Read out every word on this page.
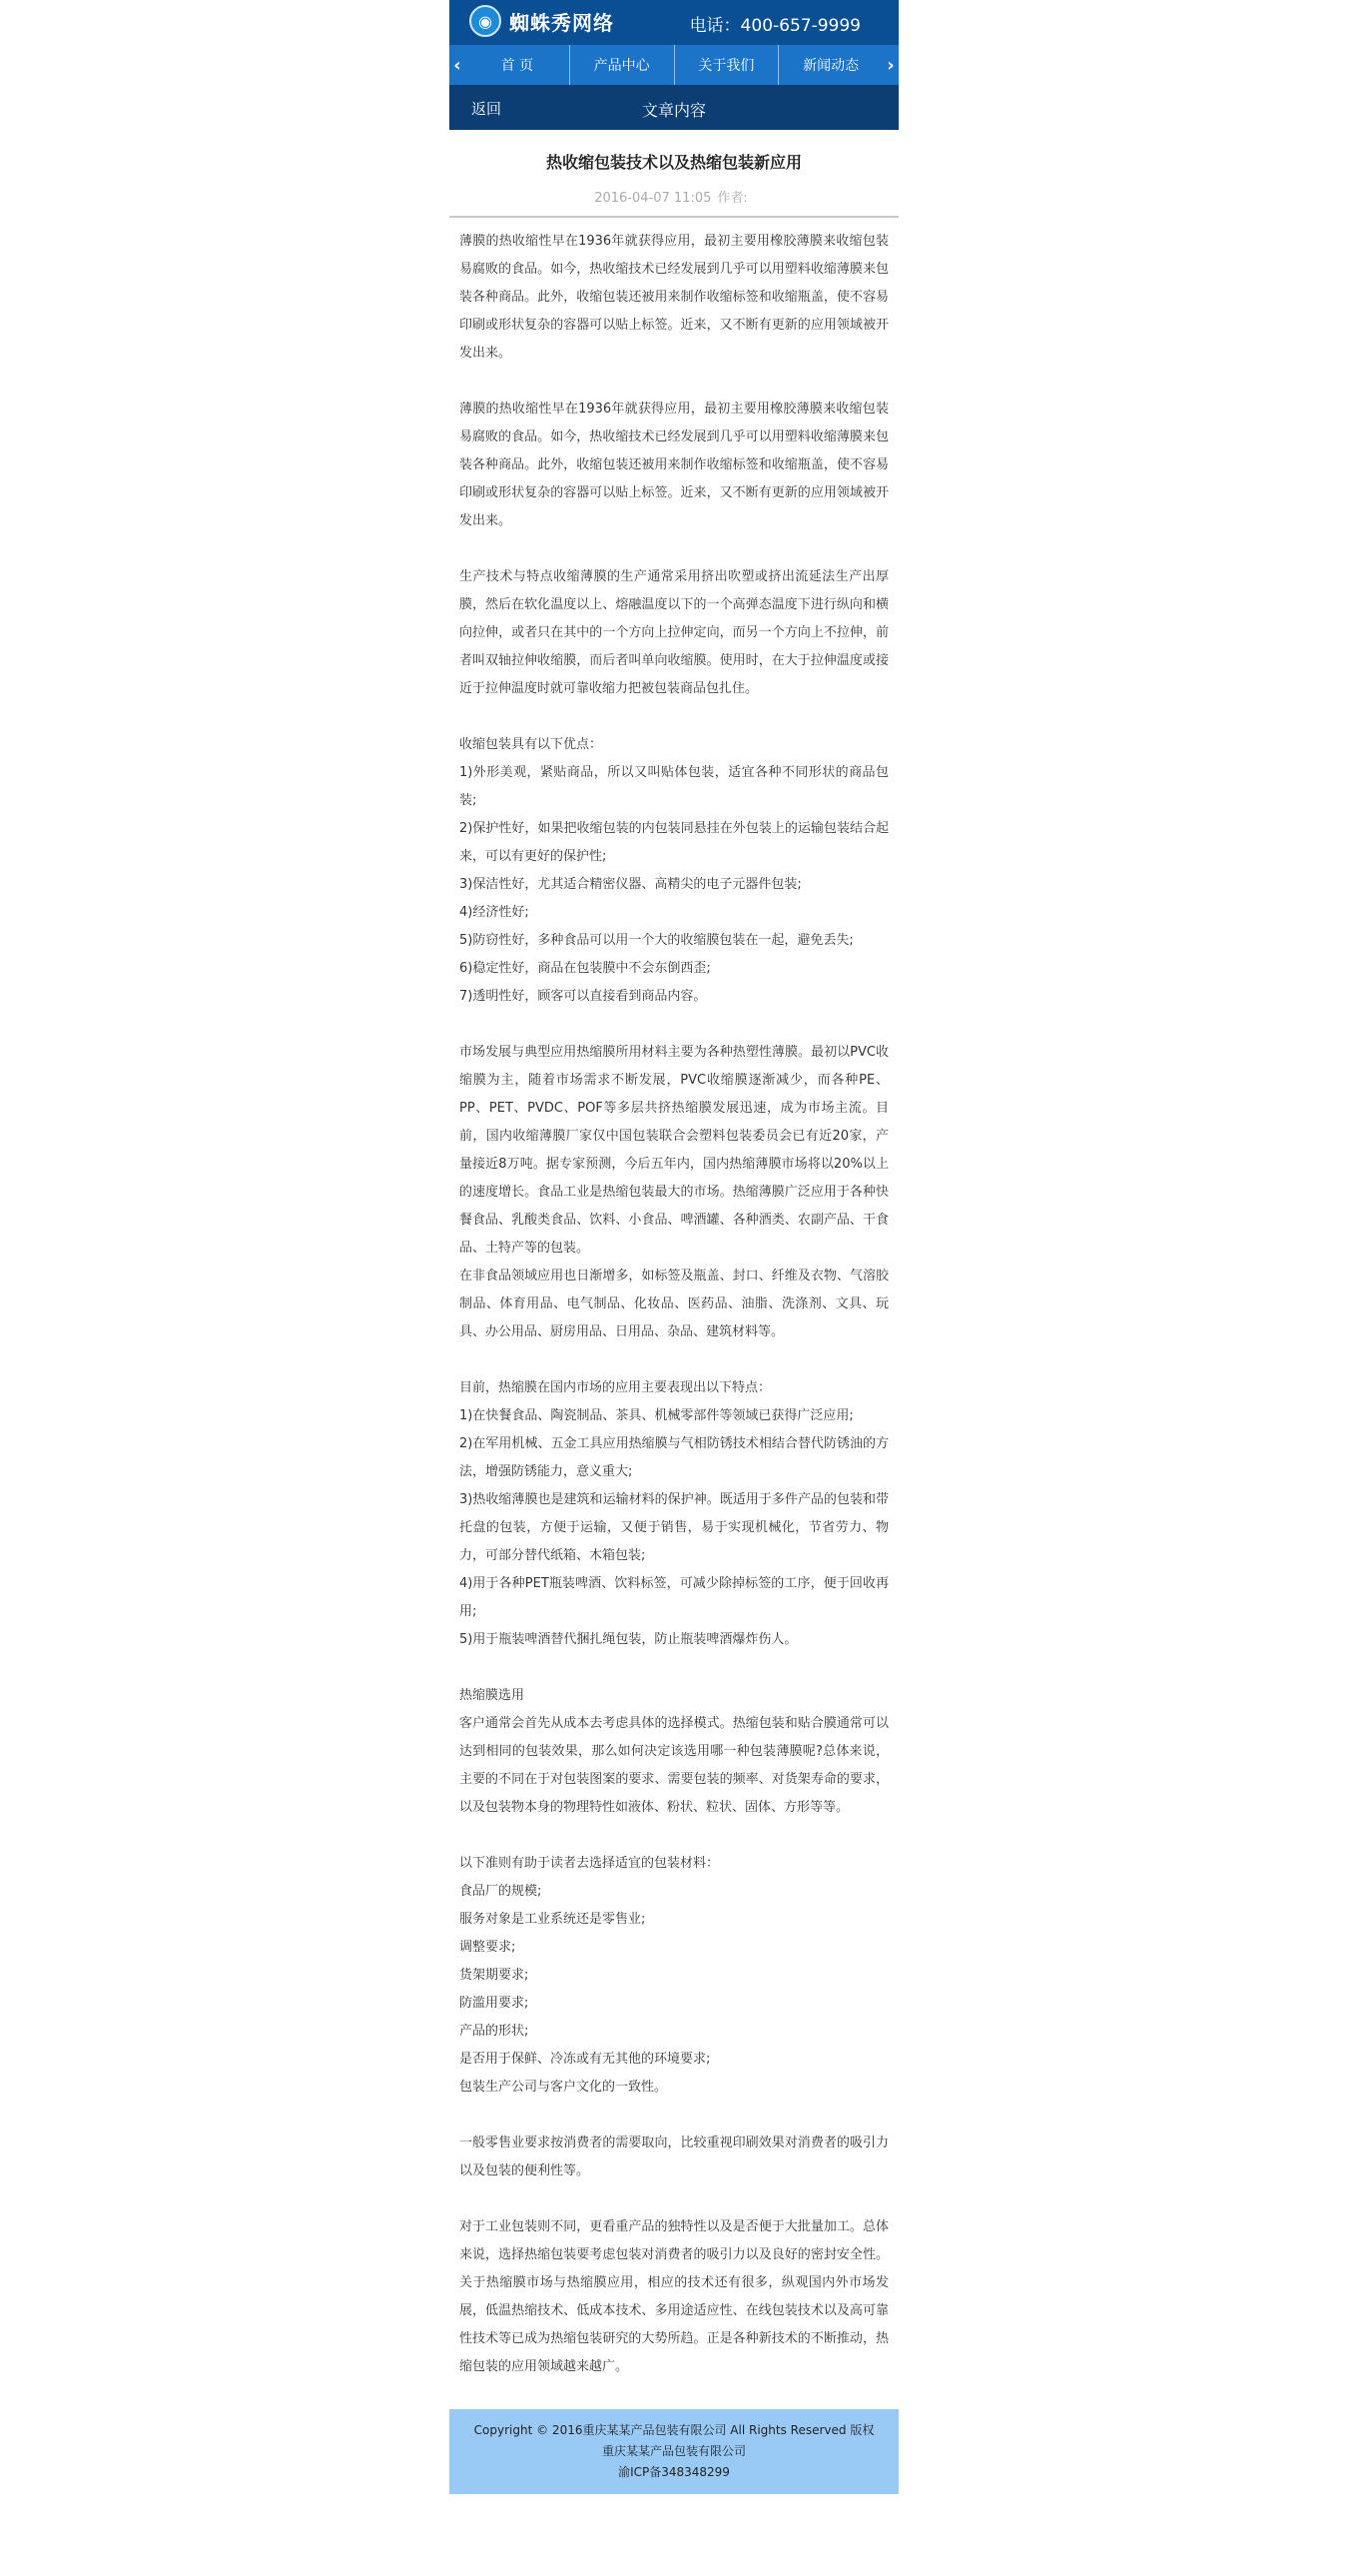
◉ 蜘蛛秀网络	电话：400-657-9999
‹	首 页	产品中心	关于我们	新闻动态	›
返回	文章内容
热收缩包装技术以及热缩包装新应用
2016-04-07 11:05 作者:

薄膜的热收缩性早在1936年就获得应用，最初主要用橡胶薄膜来收缩包装易腐败的食品。如今，热收缩技术已经发展到几乎可以用塑料收缩薄膜来包装各种商品。此外，收缩包装还被用来制作收缩标签和收缩瓶盖，使不容易印刷或形状复杂的容器可以贴上标签。近来，又不断有更新的应用领域被开发出来。

薄膜的热收缩性早在1936年就获得应用，最初主要用橡胶薄膜来收缩包装易腐败的食品。如今，热收缩技术已经发展到几乎可以用塑料收缩薄膜来包装各种商品。此外，收缩包装还被用来制作收缩标签和收缩瓶盖，使不容易印刷或形状复杂的容器可以贴上标签。近来，又不断有更新的应用领域被开发出来。

生产技术与特点收缩薄膜的生产通常采用挤出吹塑或挤出流延法生产出厚膜，然后在软化温度以上、熔融温度以下的一个高弹态温度下进行纵向和横向拉伸，或者只在其中的一个方向上拉伸定向，而另一个方向上不拉伸，前者叫双轴拉伸收缩膜，而后者叫单向收缩膜。使用时，在大于拉伸温度或接近于拉伸温度时就可靠收缩力把被包装商品包扎住。

收缩包装具有以下优点：
1)外形美观，紧贴商品，所以又叫贴体包装，适宜各种不同形状的商品包装;
2)保护性好，如果把收缩包装的内包装同悬挂在外包装上的运输包装结合起来，可以有更好的保护性;
3)保洁性好，尤其适合精密仪器、高精尖的电子元器件包装;
4)经济性好;
5)防窃性好，多种食品可以用一个大的收缩膜包装在一起，避免丢失;
6)稳定性好，商品在包装膜中不会东倒西歪;
7)透明性好，顾客可以直接看到商品内容。

市场发展与典型应用热缩膜所用材料主要为各种热塑性薄膜。最初以PVC收缩膜为主，随着市场需求不断发展，PVC收缩膜逐渐减少，而各种PE、PP、PET、PVDC、POF等多层共挤热缩膜发展迅速，成为市场主流。目前，国内收缩薄膜厂家仅中国包装联合会塑料包装委员会已有近20家，产量接近8万吨。据专家预测，今后五年内，国内热缩薄膜市场将以20%以上的速度增长。食品工业是热缩包装最大的市场。热缩薄膜广泛应用于各种快餐食品、乳酸类食品、饮料、小食品、啤酒罐、各种酒类、农副产品、干食品、土特产等的包装。
在非食品领域应用也日渐增多，如标签及瓶盖、封口、纤维及衣物、气溶胶制品、体育用品、电气制品、化妆品、医药品、油脂、洗涤剂、文具、玩具、办公用品、厨房用品、日用品、杂品、建筑材料等。

目前，热缩膜在国内市场的应用主要表现出以下特点：
1)在快餐食品、陶瓷制品、茶具、机械零部件等领域已获得广泛应用;
2)在军用机械、五金工具应用热缩膜与气相防锈技术相结合替代防锈油的方法，增强防锈能力，意义重大;
3)热收缩薄膜也是建筑和运输材料的保护神。既适用于多件产品的包装和带托盘的包装，方便于运输，又便于销售，易于实现机械化，节省劳力、物力，可部分替代纸箱、木箱包装;
4)用于各种PET瓶装啤酒、饮料标签，可减少除掉标签的工序，便于回收再用;
5)用于瓶装啤酒替代捆扎绳包装，防止瓶装啤酒爆炸伤人。

热缩膜选用
客户通常会首先从成本去考虑具体的选择模式。热缩包装和贴合膜通常可以达到相同的包装效果，那么如何决定该选用哪一种包装薄膜呢?总体来说，主要的不同在于对包装图案的要求、需要包装的频率、对货架寿命的要求，以及包装物本身的物理特性如液体、粉状、粒状、固体、方形等等。

以下准则有助于读者去选择适宜的包装材料：
食品厂的规模;
服务对象是工业系统还是零售业;
调整要求;
货架期要求;
防滥用要求;
产品的形状;
是否用于保鲜、冷冻或有无其他的环境要求;
包装生产公司与客户文化的一致性。

一般零售业要求按消费者的需要取向，比较重视印刷效果对消费者的吸引力以及包装的便利性等。

对于工业包装则不同，更看重产品的独特性以及是否便于大批量加工。总体来说，选择热缩包装要考虑包装对消费者的吸引力以及良好的密封安全性。关于热缩膜市场与热缩膜应用，相应的技术还有很多，纵观国内外市场发展，低温热缩技术、低成本技术、多用途适应性、在线包装技术以及高可靠性技术等已成为热缩包装研究的大势所趋。正是各种新技术的不断推动，热缩包装的应用领域越来越广。

Copyright © 2016重庆某某产品包装有限公司 All Rights Reserved 版权
重庆某某产品包装有限公司
渝ICP备348348299
